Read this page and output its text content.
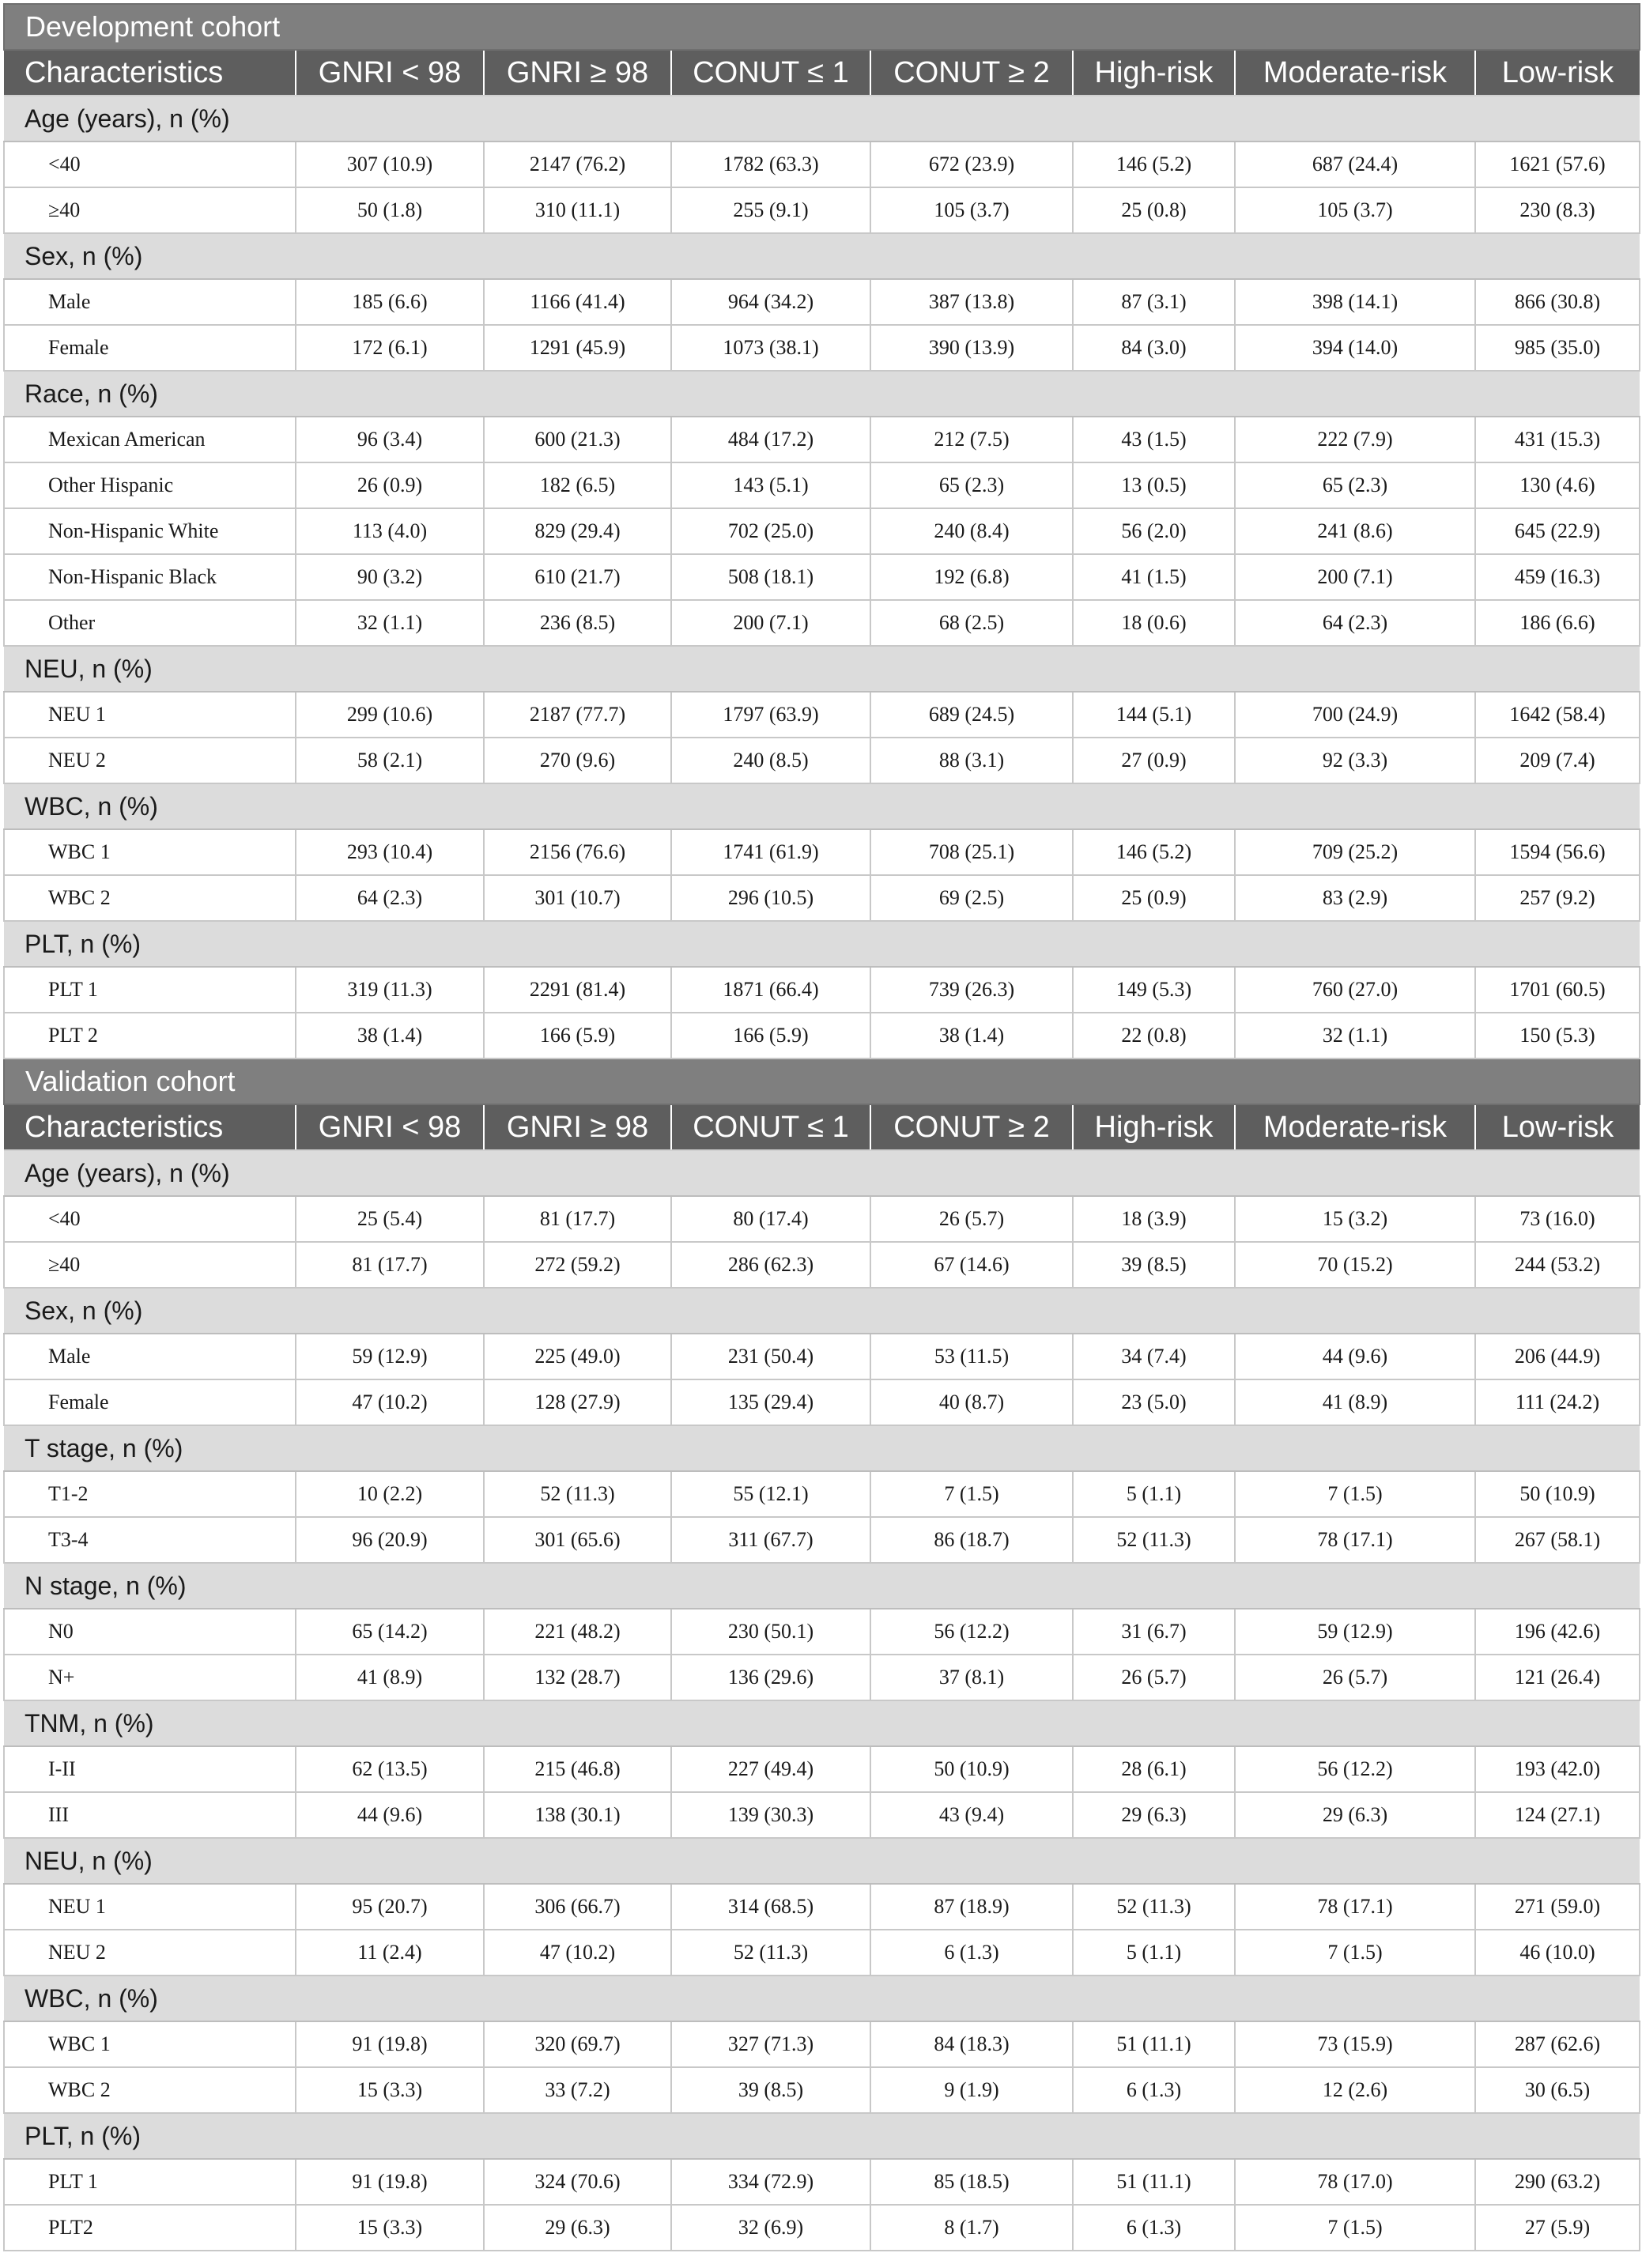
Development cohort							
Characteristics	GNRI < 98	GNRI ≥ 98	CONUT ≤ 1	CONUT ≥ 2	High-risk	Moderate-risk	Low-risk
Age (years), n (%)							
<40	307 (10.9)	2147 (76.2)	1782 (63.3)	672 (23.9)	146 (5.2)	687 (24.4)	1621 (57.6)
≥40	50 (1.8)	310 (11.1)	255 (9.1)	105 (3.7)	25 (0.8)	105 (3.7)	230 (8.3)
Sex, n (%)							
Male	185 (6.6)	1166 (41.4)	964 (34.2)	387 (13.8)	87 (3.1)	398 (14.1)	866 (30.8)
Female	172 (6.1)	1291 (45.9)	1073 (38.1)	390 (13.9)	84 (3.0)	394 (14.0)	985 (35.0)
Race, n (%)							
Mexican American	96 (3.4)	600 (21.3)	484 (17.2)	212 (7.5)	43 (1.5)	222 (7.9)	431 (15.3)
Other Hispanic	26 (0.9)	182 (6.5)	143 (5.1)	65 (2.3)	13 (0.5)	65 (2.3)	130 (4.6)
Non-Hispanic White	113 (4.0)	829 (29.4)	702 (25.0)	240 (8.4)	56 (2.0)	241 (8.6)	645 (22.9)
Non-Hispanic Black	90 (3.2)	610 (21.7)	508 (18.1)	192 (6.8)	41 (1.5)	200 (7.1)	459 (16.3)
Other	32 (1.1)	236 (8.5)	200 (7.1)	68 (2.5)	18 (0.6)	64 (2.3)	186 (6.6)
NEU, n (%)							
NEU 1	299 (10.6)	2187 (77.7)	1797 (63.9)	689 (24.5)	144 (5.1)	700 (24.9)	1642 (58.4)
NEU 2	58 (2.1)	270 (9.6)	240 (8.5)	88 (3.1)	27 (0.9)	92 (3.3)	209 (7.4)
WBC, n (%)							
WBC 1	293 (10.4)	2156 (76.6)	1741 (61.9)	708 (25.1)	146 (5.2)	709 (25.2)	1594 (56.6)
WBC 2	64 (2.3)	301 (10.7)	296 (10.5)	69 (2.5)	25 (0.9)	83 (2.9)	257 (9.2)
PLT, n (%)							
PLT 1	319 (11.3)	2291 (81.4)	1871 (66.4)	739 (26.3)	149 (5.3)	760 (27.0)	1701 (60.5)
PLT 2	38 (1.4)	166 (5.9)	166 (5.9)	38 (1.4)	22 (0.8)	32 (1.1)	150 (5.3)
Validation cohort							
Characteristics	GNRI < 98	GNRI ≥ 98	CONUT ≤ 1	CONUT ≥ 2	High-risk	Moderate-risk	Low-risk
Age (years), n (%)							
<40	25 (5.4)	81 (17.7)	80 (17.4)	26 (5.7)	18 (3.9)	15 (3.2)	73 (16.0)
≥40	81 (17.7)	272 (59.2)	286 (62.3)	67 (14.6)	39 (8.5)	70 (15.2)	244 (53.2)
Sex, n (%)							
Male	59 (12.9)	225 (49.0)	231 (50.4)	53 (11.5)	34 (7.4)	44 (9.6)	206 (44.9)
Female	47 (10.2)	128 (27.9)	135 (29.4)	40 (8.7)	23 (5.0)	41 (8.9)	111 (24.2)
T stage, n (%)							
T1-2	10 (2.2)	52 (11.3)	55 (12.1)	7 (1.5)	5 (1.1)	7 (1.5)	50 (10.9)
T3-4	96 (20.9)	301 (65.6)	311 (67.7)	86 (18.7)	52 (11.3)	78 (17.1)	267 (58.1)
N stage, n (%)							
N0	65 (14.2)	221 (48.2)	230 (50.1)	56 (12.2)	31 (6.7)	59 (12.9)	196 (42.6)
N+	41 (8.9)	132 (28.7)	136 (29.6)	37 (8.1)	26 (5.7)	26 (5.7)	121 (26.4)
TNM, n (%)							
I-II	62 (13.5)	215 (46.8)	227 (49.4)	50 (10.9)	28 (6.1)	56 (12.2)	193 (42.0)
III	44 (9.6)	138 (30.1)	139 (30.3)	43 (9.4)	29 (6.3)	29 (6.3)	124 (27.1)
NEU, n (%)							
NEU 1	95 (20.7)	306 (66.7)	314 (68.5)	87 (18.9)	52 (11.3)	78 (17.1)	271 (59.0)
NEU 2	11 (2.4)	47 (10.2)	52 (11.3)	6 (1.3)	5 (1.1)	7 (1.5)	46 (10.0)
WBC, n (%)							
WBC 1	91 (19.8)	320 (69.7)	327 (71.3)	84 (18.3)	51 (11.1)	73 (15.9)	287 (62.6)
WBC 2	15 (3.3)	33 (7.2)	39 (8.5)	9 (1.9)	6 (1.3)	12 (2.6)	30 (6.5)
PLT, n (%)							
PLT 1	91 (19.8)	324 (70.6)	334 (72.9)	85 (18.5)	51 (11.1)	78 (17.0)	290 (63.2)
PLT2	15 (3.3)	29 (6.3)	32 (6.9)	8 (1.7)	6 (1.3)	7 (1.5)	27 (5.9)
